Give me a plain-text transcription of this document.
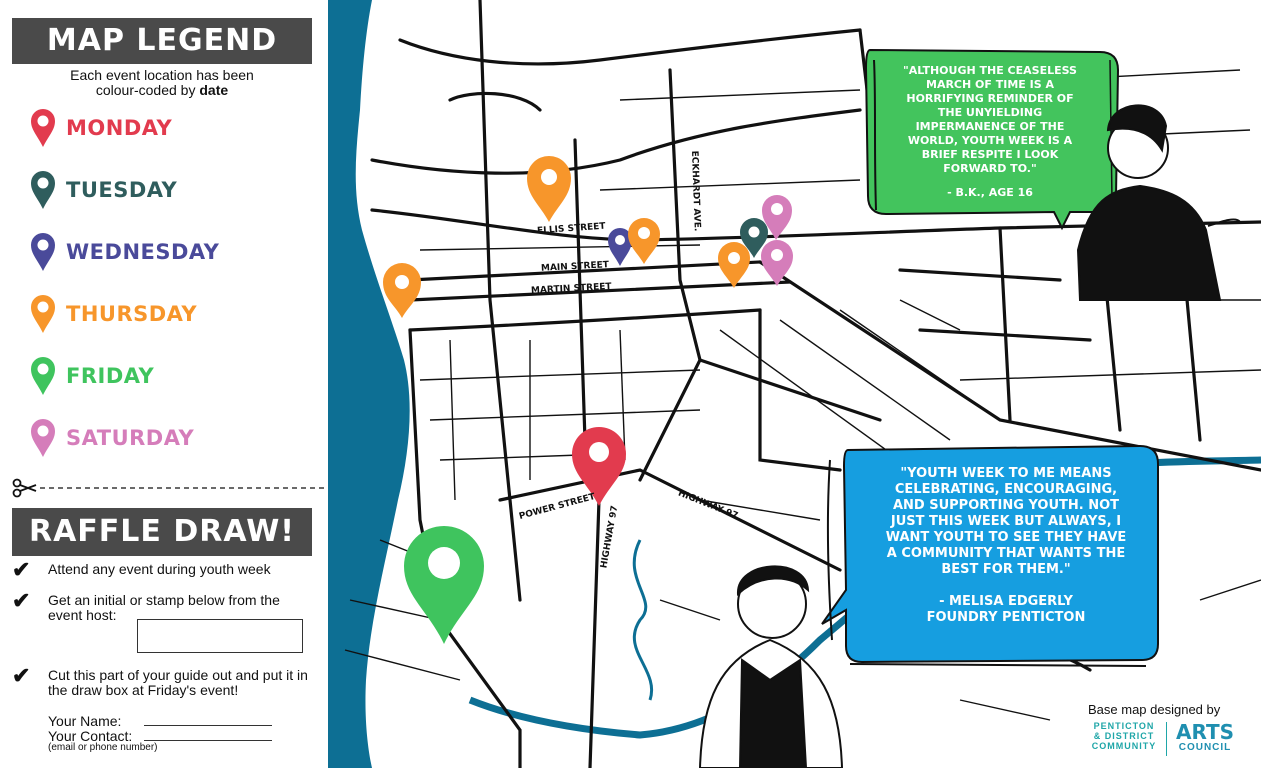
MAP LEGEND
Each event location has been
colour-coded by date
MONDAY
TUESDAY
WEDNESDAY
THURSDAY
FRIDAY
SATURDAY
RAFFLE DRAW!
✔ Attend any event during youth week
✔ Get an initial or stamp below from the event host:
✔ Cut this part of your guide out and put it in the draw box at Friday's event!
Your Name:
Your Contact:
(email or phone number)
ELLIS STREET
MAIN STREET
MARTIN STREET
ECKHARDT AVE.
POWER STREET HIGHWAY 97	HIGHWAY 97
"ALTHOUGH THE CEASELESS MARCH OF TIME IS A HORRIFYING REMINDER OF THE UNYIELDING IMPERMANENCE OF THE WORLD, YOUTH WEEK IS A BRIEF RESPITE I LOOK FORWARD TO."
- B.K., AGE 16
"YOUTH WEEK TO ME MEANS CELEBRATING, ENCOURAGING, AND SUPPORTING YOUTH. NOT JUST THIS WEEK BUT ALWAYS, I WANT YOUTH TO SEE THEY HAVE A COMMUNITY THAT WANTS THE BEST FOR THEM."
- MELISA EDGERLY
FOUNDRY PENTICTON
Base map designed by
PENTICTON
& DISTRICT
COMMUNITY
ARTS
COUNCIL
